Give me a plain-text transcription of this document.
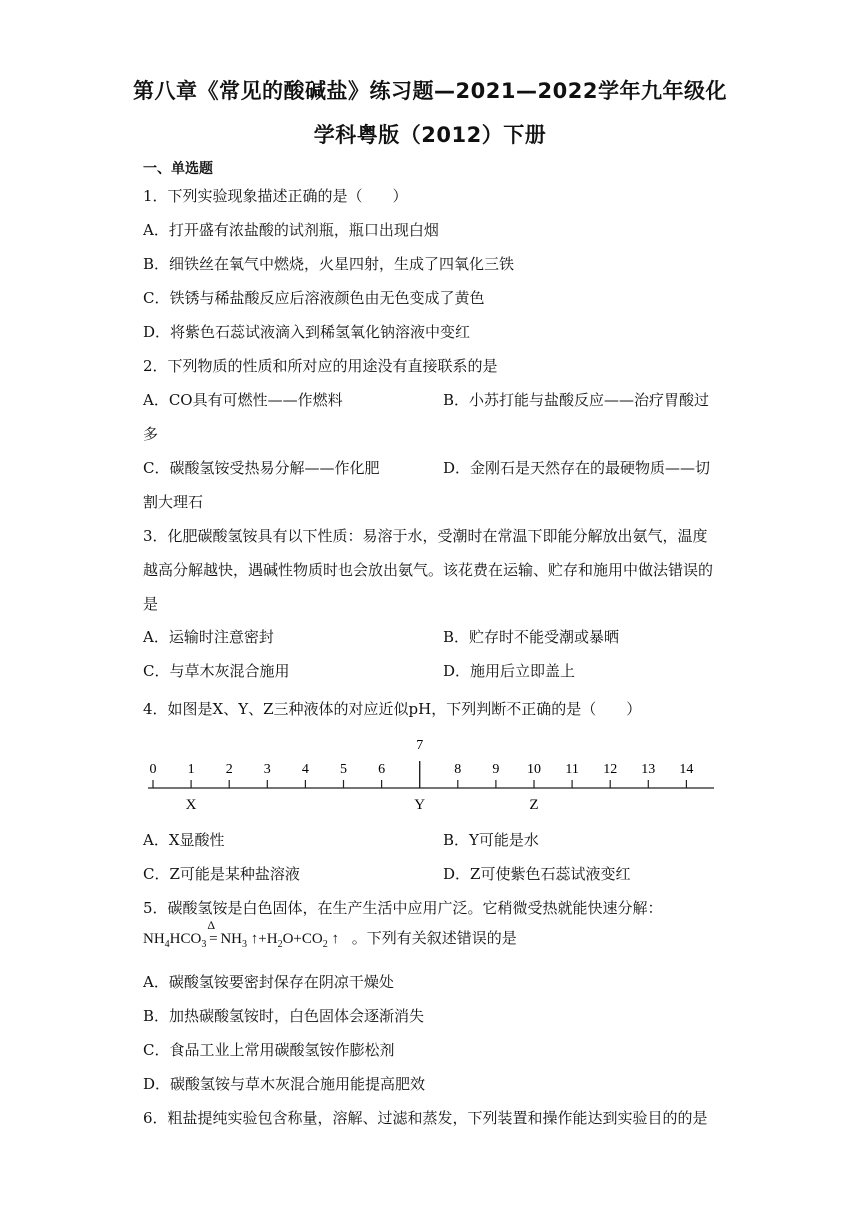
第八章《常见的酸碱盐》练习题—2021—2022学年九年级化
学科粤版（2012）下册
一、单选题
1．下列实验现象描述正确的是（　　）
A．打开盛有浓盐酸的试剂瓶，瓶口出现白烟
B．细铁丝在氧气中燃烧，火星四射，生成了四氧化三铁
C．铁锈与稀盐酸反应后溶液颜色由无色变成了黄色
D．将紫色石蕊试液滴入到稀氢氧化钠溶液中变红
2．下列物质的性质和所对应的用途没有直接联系的是
A．CO具有可燃性——作燃料	B．小苏打能与盐酸反应——治疗胃酸过
多
C．碳酸氢铵受热易分解——作化肥	D．金刚石是天然存在的最硬物质——切
割大理石
3．化肥碳酸氢铵具有以下性质：易溶于水，受潮时在常温下即能分解放出氨气，温度
越高分解越快，遇碱性物质时也会放出氨气。该花费在运输、贮存和施用中做法错误的
是
A．运输时注意密封	B．贮存时不能受潮或暴晒
C．与草木灰混合施用	D．施用后立即盖上
4．如图是X、Y、Z三种液体的对应近似pH，下列判断不正确的是（　　）
0 1 2 3 4 5 6
7
8 9 10 11 12 13 14
X	Y	Z
A．X显酸性	B．Y可能是水
C．Z可能是某种盐溶液	D．Z可使紫色石蕊试液变红
5．碳酸氢铵是白色固体，在生产生活中应用广泛。它稍微受热就能快速分解：
$NH_4HCO_3$
Δ
= $NH_3$ $↑+H_2O+CO_2$ ↑ 。下列有关叙述错误的是
A．碳酸氢铵要密封保存在阴凉干燥处
B．加热碳酸氢铵时，白色固体会逐渐消失
C．食品工业上常用碳酸氢铵作膨松剂
D．碳酸氢铵与草木灰混合施用能提高肥效
6．粗盐提纯实验包含称量，溶解、过滤和蒸发，下列装置和操作能达到实验目的的是
